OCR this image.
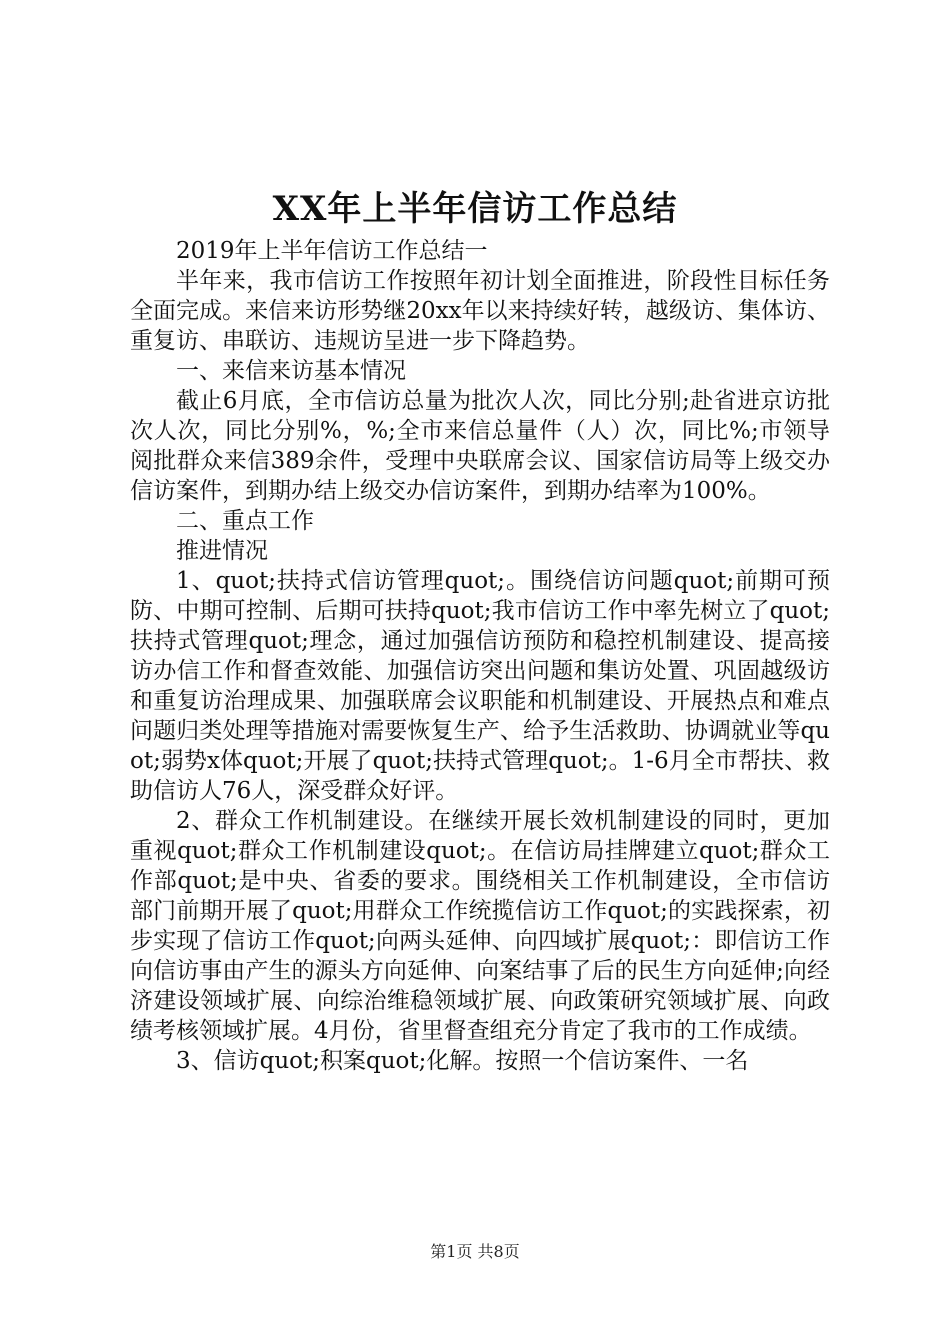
XX年上半年信访工作总结

2019年上半年信访工作总结一

半年来，我市信访工作按照年初计划全面推进，阶段性目标任务全面完成。来信来访形势继20xx年以来持续好转，越级访、集体访、重复访、串联访、违规访呈进一步下降趋势。

一、来信来访基本情况

截止6月底，全市信访总量为批次人次，同比分别;赴省进京访批次人次，同比分别%，%;全市来信总量件（人）次，同比%;市领导阅批群众来信389余件，受理中央联席会议、国家信访局等上级交办信访案件，到期办结上级交办信访案件，到期办结率为100%。

二、重点工作

推进情况

1、quot;扶持式信访管理quot;。围绕信访问题quot;前期可预防、中期可控制、后期可扶持quot;我市信访工作中率先树立了quot;扶持式管理quot;理念，通过加强信访预防和稳控机制建设、提高接访办信工作和督查效能、加强信访突出问题和集访处置、巩固越级访和重复访治理成果、加强联席会议职能和机制建设、开展热点和难点问题归类处理等措施对需要恢复生产、给予生活救助、协调就业等quot;弱势x体quot;开展了quot;扶持式管理quot;。1-6月全市帮扶、救助信访人76人，深受群众好评。

2、群众工作机制建设。在继续开展长效机制建设的同时，更加重视quot;群众工作机制建设quot;。在信访局挂牌建立quot;群众工作部quot;是中央、省委的要求。围绕相关工作机制建设，全市信访部门前期开展了quot;用群众工作统揽信访工作quot;的实践探索，初步实现了信访工作quot;向两头延伸、向四域扩展quot;：即信访工作向信访事由产生的源头方向延伸、向案结事了后的民生方向延伸;向经济建设领域扩展、向综治维稳领域扩展、向政策研究领域扩展、向政绩考核领域扩展。4月份，省里督查组充分肯定了我市的工作成绩。

3、信访quot;积案quot;化解。按照一个信访案件、一名

第1页 共8页
